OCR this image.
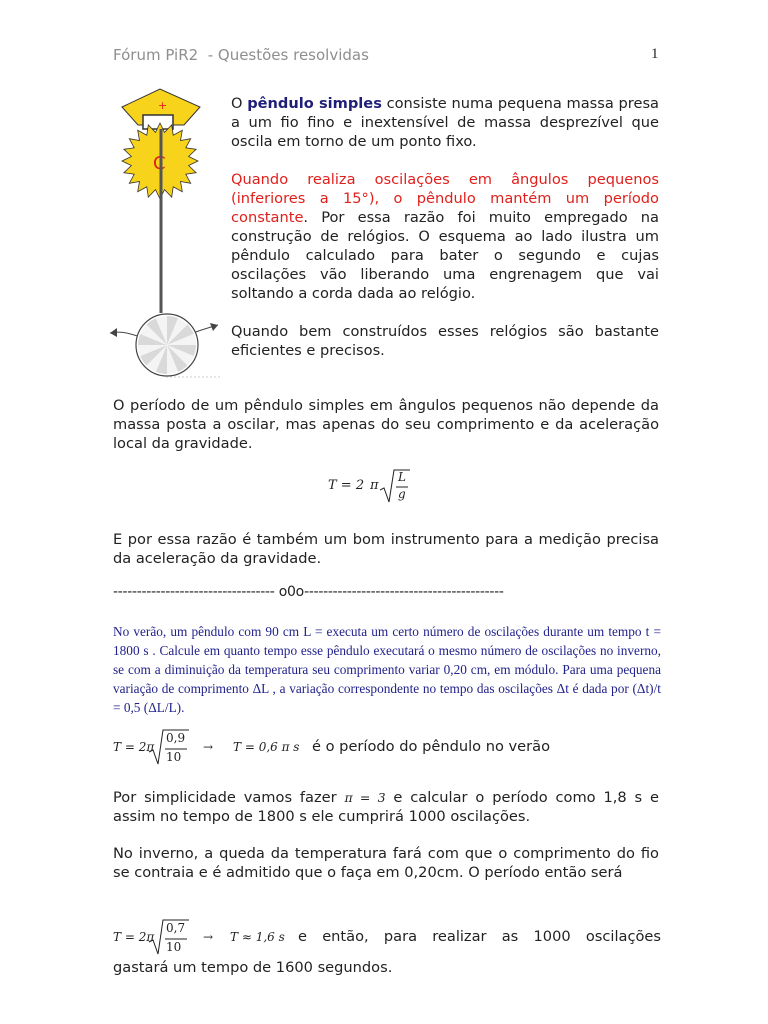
Fórum PiR2  - Questões resolvidas	1
+
C

O pêndulo simples consiste numa pequena massa presa a um fio fino e inextensível de massa desprezível que oscila em torno de um ponto fixo.

Quando realiza oscilações em ângulos pequenos (inferiores a 15°), o pêndulo mantém um período constante. Por essa razão foi muito empregado na construção de relógios. O esquema ao lado ilustra um pêndulo calculado para bater o segundo e cujas oscilações vão liberando uma engrenagem que vai soltando a corda dada ao relógio.

Quando bem construídos esses relógios são bastante eficientes e precisos.

O período de um pêndulo simples em ângulos pequenos não depende da massa posta a oscilar, mas apenas do seu comprimento e da aceleração local da gravidade.

T = 2 π
L
g

E por essa razão é também um bom instrumento para a medição precisa da aceleração da gravidade.

---------------------------------- o0o------------------------------------------

No verão, um pêndulo com 90 cm L = executa um certo número de oscilações durante um tempo t = 1800 s . Calcule em quanto tempo esse pêndulo executará o mesmo número de oscilações no inverno, se com a diminuição da temperatura seu comprimento variar 0,20 cm, em módulo. Para uma pequena variação de comprimento ΔL , a variação correspondente no tempo das oscilações Δt é dada por (Δt)/t = 0,5 (ΔL/L).

T = 2π
0,9
10
→ T = 0,6 π s é o período do pêndulo no verão

Por simplicidade vamos fazer π = 3 e calcular o período como 1,8 s e assim no tempo de 1800 s ele cumprirá 1000 oscilações.

No inverno, a queda da temperatura fará com que o comprimento do fio se contraia e é admitido que o faça em 0,20cm. O período então será

T = 2π
0,7
10
→ T ≈ 1,6 s e então, para realizar as 1000 oscilações
gastará um tempo de 1600 segundos.
